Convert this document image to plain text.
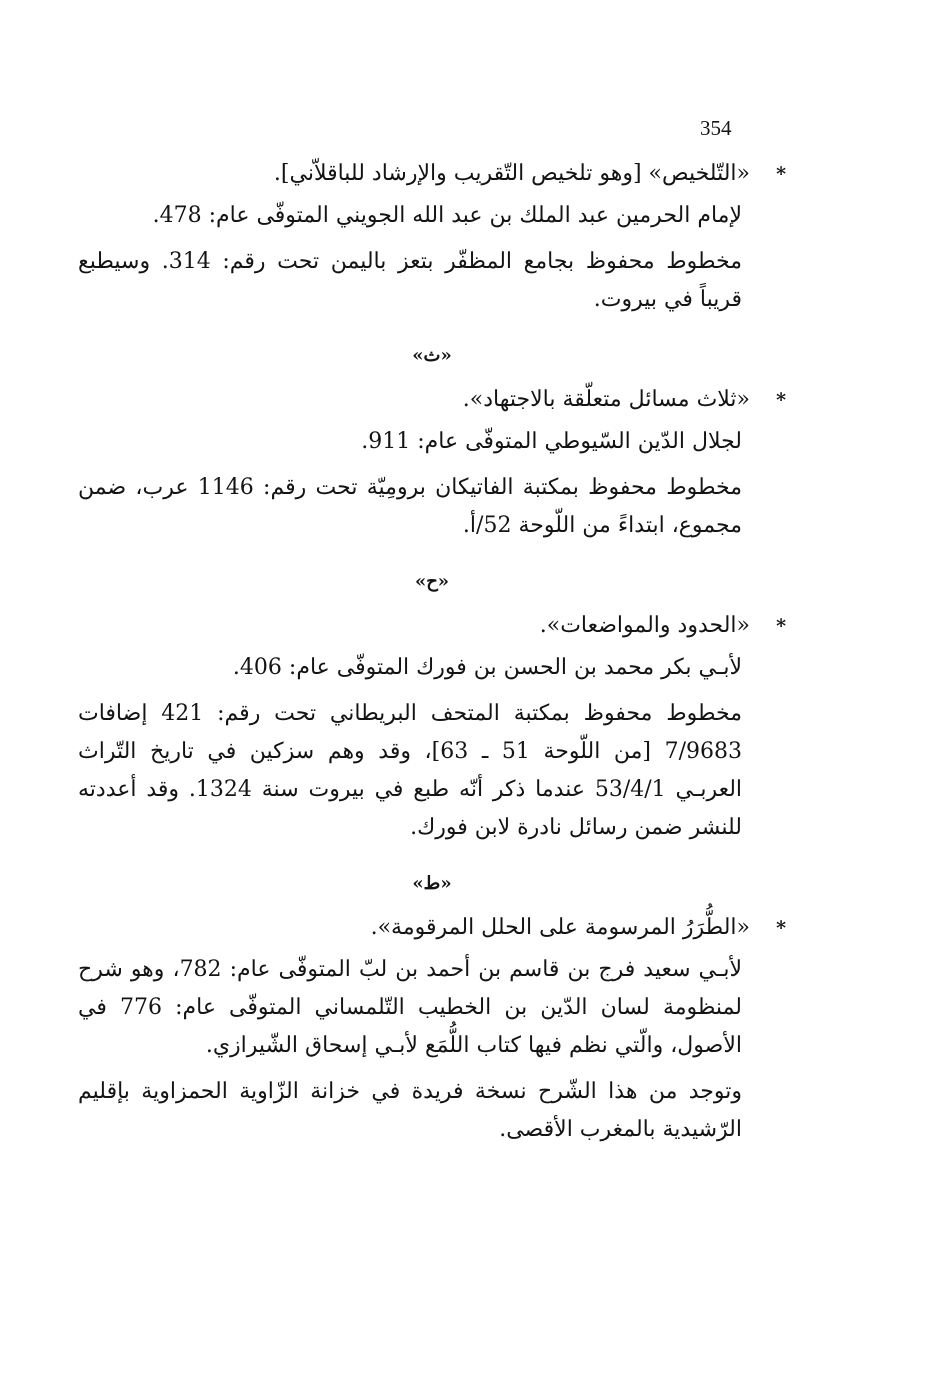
354
*
«التّلخيص» [وهو تلخيص التّقريب والإرشاد للباقلاّني].

لإمام الحرمين عبد الملك بن عبد الله الجويني المتوفّى عام: 478.

مخطوط محفوظ بجامع المظفّر بتعز باليمن تحت رقم: 314. وسيطبع قريباً في بيروت.

«ث»

*
«ثلاث مسائل متعلّقة بالاجتهاد».

لجلال الدّين السّيوطي المتوفّى عام: 911.

مخطوط محفوظ بمكتبة الفاتيكان برومِيّة تحت رقم: 1146 عرب، ضمن مجموع، ابتداءً من اللّوحة 52/أ.

«ح»

*
«الحدود والمواضعات».

لأبـي بكر محمد بن الحسن بن فورك المتوفّى عام: 406.

مخطوط محفوظ بمكتبة المتحف البريطاني تحت رقم: 421 إضافات 7/9683 [من اللّوحة 51 ـ 63]، وقد وهم سزكين في تاريخ التّراث العربـي 53/4/1 عندما ذكر أنّه طبع في بيروت سنة 1324. وقد أعددته للنشر ضمن رسائل نادرة لابن فورك.

«ط»

*
«الطُّرَرُ المرسومة على الحلل المرقومة».

لأبـي سعيد فرج بن قاسم بن أحمد بن لبّ المتوفّى عام: 782، وهو شرح لمنظومة لسان الدّين بن الخطيب التّلمساني المتوفّى عام: 776 في الأصول، والّتي نظم فيها كتاب اللُّمَع لأبـي إسحاق الشّيرازي.

وتوجد من هذا الشّرح نسخة فريدة في خزانة الزّاوية الحمزاوية بإقليم الرّشيدية بالمغرب الأقصى.
